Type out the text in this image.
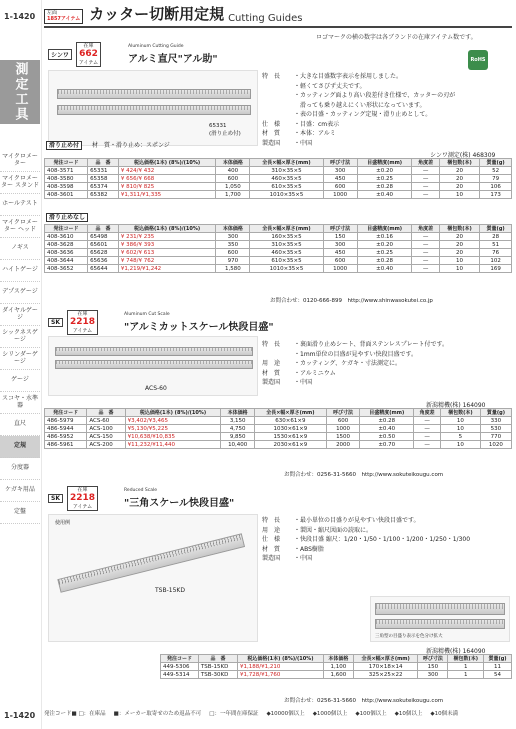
1-1420
測定工具
マイクロメーター
マイクロメーター スタンド
ホールテスト
マイクロメーター ヘッド
ノギス
ハイトゲージ
デプスゲージ
ダイヤルゲージ
シックネスゲージ
シリンダーゲージ
ゲージ
スコヤ・水準器
直尺
定規
分度器
ケガキ用品
定盤
1-1420
左面
1857アイテム カッター切断用定規 Cutting Guides
ロゴマークの横の数字は各ブランドの在庫アイテム数です。
シンワ
在庫
662
アイテム
Aluminum Cutting Guide
アルミ直尺"アル助"	RoHS
65331
(滑り止め付)
特　長	・大きな目盛数字表示を採用しました。
・軽くてさびず丈夫です。
・カッティング面より高い段差付き仕様で、カッターの刃が
　滑っても乗り越えにくい形状になっています。
・表の目盛・カッティング定規・滑り止めとして。
仕　様	・目盛：cm表示
材　質	・本体：アルミ
製造国	・中国
滑り止め付 材　質・滑り止め：スポンジ
シンワ測定(株) 468309
発注コード	品　番	税込価格(1本) (8%)/(10%)	本体価格	全長×幅×厚さ(mm)	呼び寸法	目盛精度(mm)	角度差	梱包数(本)	質量(g)
408-3571	65331	¥ 424/¥ 432	400	310×35×5	300	±0.20	—	20	52
408-3580	65358	¥ 656/¥ 668	600	460×35×5	450	±0.25	—	20	79
408-3598	65374	¥ 810/¥ 825	1,050	610×35×5	600	±0.28	—	20	106
408-3601	65382	¥1,311/¥1,335	1,700	1010×35×5	1000	±0.40	—	10	173
滑り止めなし
発注コード	品　番	税込価格(1本) (8%)/(10%)	本体価格	全長×幅×厚さ(mm)	呼び寸法	目盛精度(mm)	角度差	梱包数(本)	質量(g)
408-3610	65498	¥ 231/¥ 235	300	160×35×5	150	±0.16	—	20	28
408-3628	65601	¥ 386/¥ 393	350	310×35×5	300	±0.20	—	20	51
408-3636	65628	¥ 602/¥ 613	600	460×35×5	450	±0.25	—	20	76
408-3644	65636	¥ 748/¥ 762	970	610×35×5	600	±0.28	—	10	102
408-3652	65644	¥1,219/¥1,242	1,580	1010×35×5	1000	±0.40	—	10	169
お問合わせ：0120-666-899　http://www.shinwasokutei.co.jp
SK
在庫
2218
アイテム
Aluminum Cut Scale
"アルミカットスケール快段目盛"
ACS-60
特　長	・裏面滑り止めシート、背面ステンレスプレート付です。
・1mm単位の目盛が見やすい快段目盛です。
用　途	・カッティング、ケガキ・寸法測定に。
材　質	・アルミニウム
製造国	・中国
新潟精機(株) 164090
発注コード	品　番	税込価格(1本) (8%)/(10%)	本体価格	全長×幅×厚さ(mm)	呼び寸法	目盛精度(mm)	角度差	梱包数(本)	質量(g)
486-5979	ACS-60	¥3,402/¥3,465	3,150	630×61×9	600	±0.28	—	10	330
486-5944	ACS-100	¥5,130/¥5,225	4,750	1030×61×9	1000	±0.40	—	10	530
486-5952	ACS-150	¥10,638/¥10,835	9,850	1530×61×9	1500	±0.50	—	5	770
486-5961	ACS-200	¥11,232/¥11,440	10,400	2030×61×9	2000	±0.70	—	10	1020
お問合わせ：0256-31-5660　http://www.sokuteikougu.com
SK
在庫
2218
アイテム
Reduced Scale
"三角スケール快段目盛"
使用例
TSB-15KD
特　長	・最小単位の目盛りが見やすい快段目盛です。
用　途	・製図・縮尺図面の読取に。
仕　様	・快段目盛 縮尺：1/20・1/50・1/100・1/200・1/250・1/300
材　質	・ABS樹脂
製造国	・中国
三角型の目盛り表示を色分け拡大
新潟精機(株) 164090
発注コード	品　番	税込価格(1本) (8%)/(10%)	本体価格	全長×幅×厚さ(mm)	呼び寸法	梱包数(本)	質量(g)
449-5306	TSB-15KD	¥1,188/¥1,210	1,100	170×18×14	150	1	11
449-5314	TSB-30KD	¥1,728/¥1,760	1,600	325×25×22	300	1	54
お問合わせ：0256-31-5660　http://www.sokuteikougu.com
発注コード■ □：在庫品 ■：メーカー取寄せのため返品不可 □：一年間在庫保証 ◆10000個以上 ◆1000個以上 ◆100個以上 ◆10個以上 ◆10個未満
